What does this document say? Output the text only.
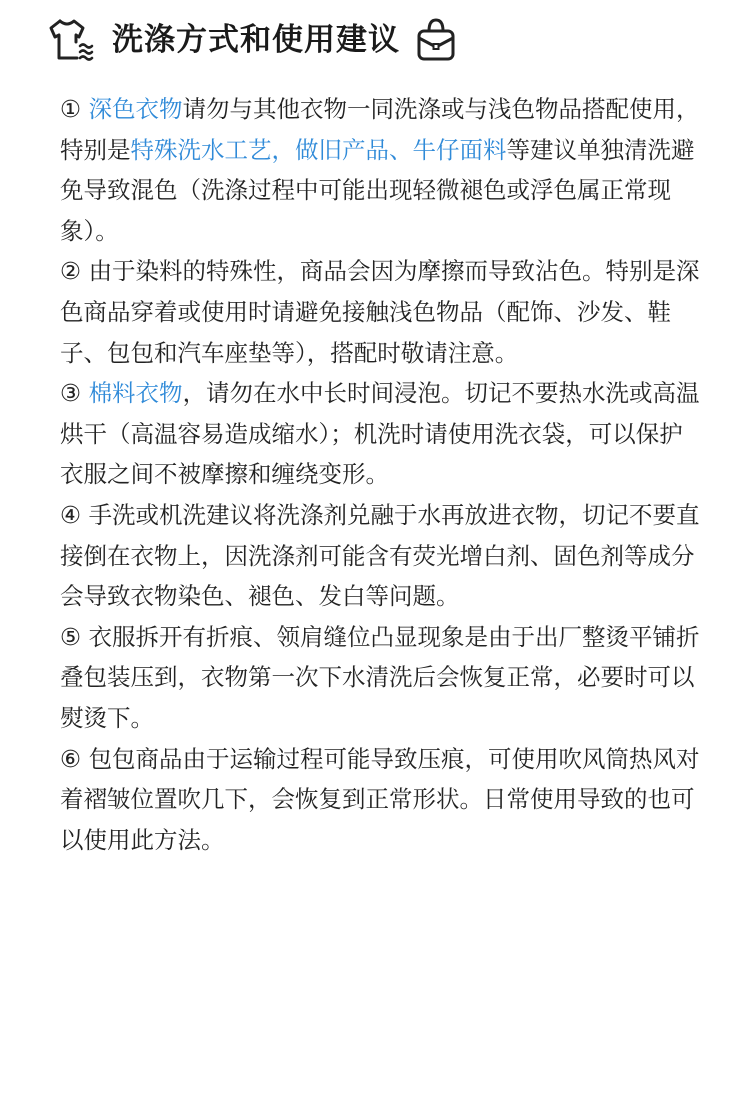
洗涤方式和使用建议

① 深色衣物请勿与其他衣物一同洗涤或与浅色物品搭配使用，特别是特殊洗水工艺，做旧产品、牛仔面料等建议单独清洗避免导致混色（洗涤过程中可能出现轻微褪色或浮色属正常现象）。

② 由于染料的特殊性，商品会因为摩擦而导致沾色。特别是深色商品穿着或使用时请避免接触浅色物品（配饰、沙发、鞋子、包包和汽车座垫等），搭配时敬请注意。

③ 棉料衣物，请勿在水中长时间浸泡。切记不要热水洗或高温烘干（高温容易造成缩水）；机洗时请使用洗衣袋，可以保护衣服之间不被摩擦和缠绕变形。

④ 手洗或机洗建议将洗涤剂兑融于水再放进衣物，切记不要直接倒在衣物上，因洗涤剂可能含有荧光增白剂、固色剂等成分会导致衣物染色、褪色、发白等问题。

⑤ 衣服拆开有折痕、领肩缝位凸显现象是由于出厂整烫平铺折叠包装压到，衣物第一次下水清洗后会恢复正常，必要时可以熨烫下。

⑥ 包包商品由于运输过程可能导致压痕，可使用吹风筒热风对着褶皱位置吹几下，会恢复到正常形状。日常使用导致的也可以使用此方法。
